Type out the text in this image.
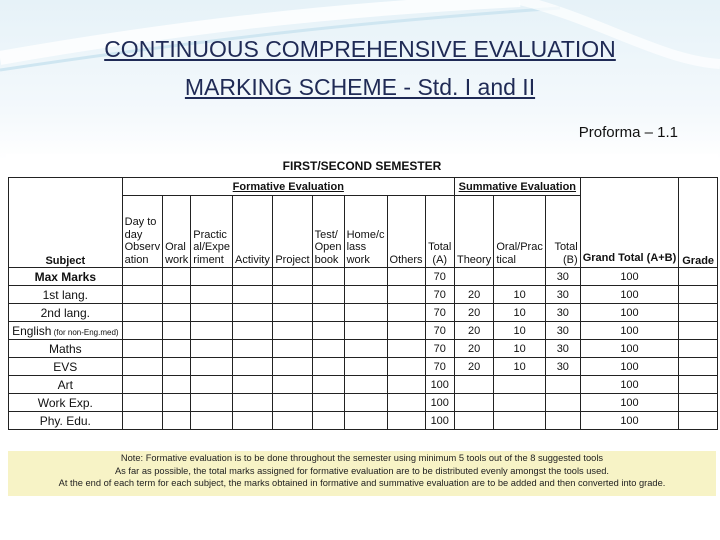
CONTINUOUS COMPREHENSIVE EVALUATION
MARKING SCHEME - Std. I and II
Proforma – 1.1
FIRST/SECOND SEMESTER
Subject	Formative Evaluation									Summative Evaluation			Grand Total (A+B)	Grade
	Day to day Observ ation	Oral work	Practic al/Expe riment	Activity	Project	Test/ Open book	Home/c lass work	Others	Total (A)	Theory	Oral/Prac tical	Total (B)		
Max Marks									70			30	100	
1st lang.									70	20	10	30	100	
2nd lang.									70	20	10	30	100	
English (for non-Eng.med)									70	20	10	30	100	
Maths									70	20	10	30	100	
EVS									70	20	10	30	100	
Art									100				100	
Work Exp.									100				100	
Phy. Edu.									100				100	
Note: Formative evaluation is to be done throughout the semester using minimum 5 tools out of the 8 suggested tools
As far as possible, the total marks assigned for formative evaluation are to be distributed evenly amongst the tools used.
At the end of each term for each subject, the marks obtained in formative and summative evaluation are to be added and then converted into grade.
